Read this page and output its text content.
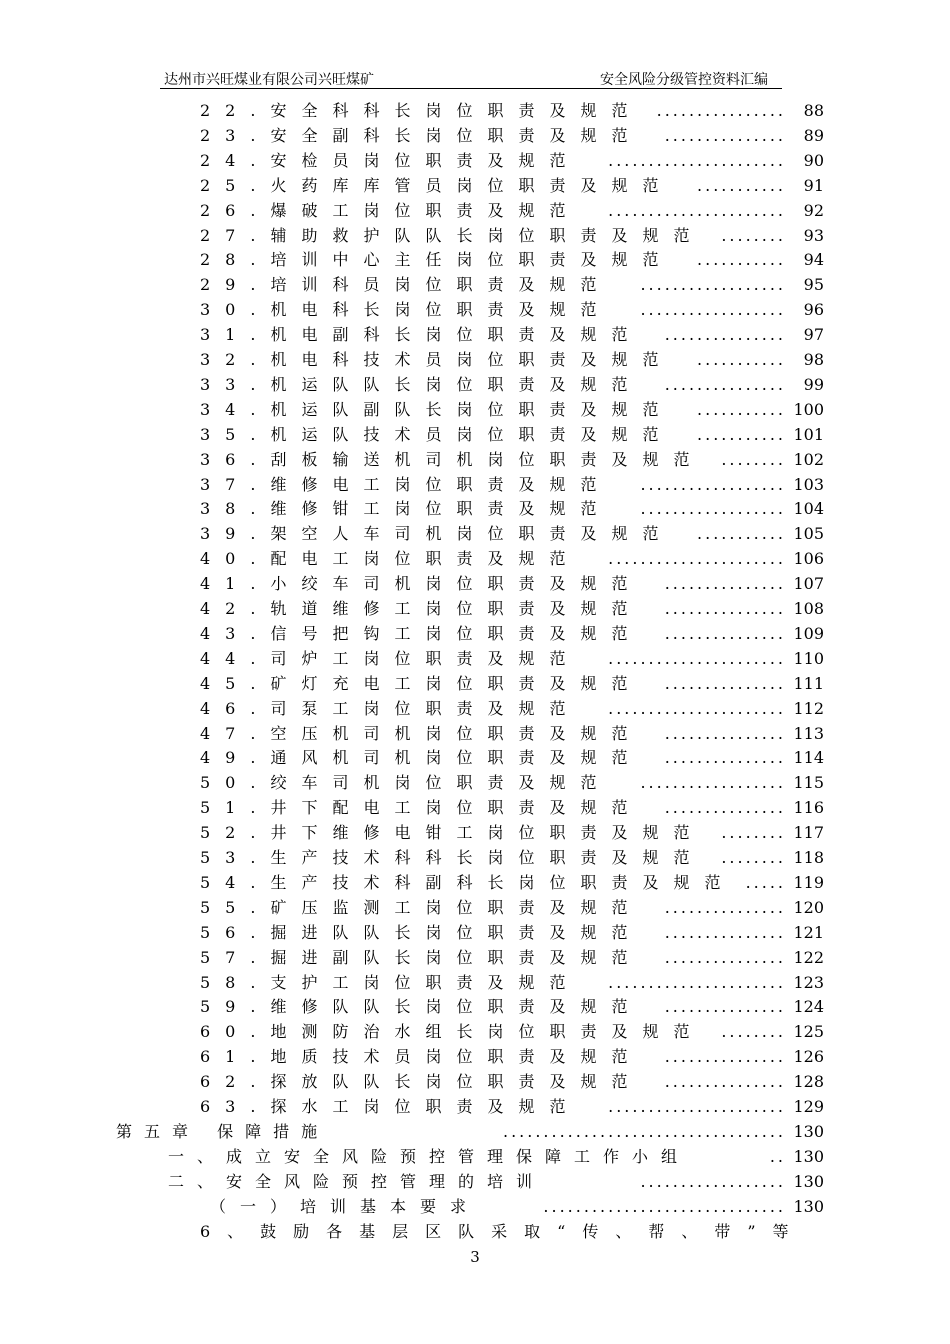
达州市兴旺煤业有限公司兴旺煤矿	安全风险分级管控资料汇编
22.安全科科长岗位职责及规范 ................ 88
23.安全副科长岗位职责及规范 ............... 89
24.安检员岗位职责及规范 ...................... 90
25.火药库库管员岗位职责及规范 ........... 91
26.爆破工岗位职责及规范 ...................... 92
27.辅助救护队队长岗位职责及规范 ........ 93
28.培训中心主任岗位职责及规范 ........... 94
29.培训科员岗位职责及规范 .................. 95
30.机电科长岗位职责及规范 .................. 96
31.机电副科长岗位职责及规范 ............... 97
32.机电科技术员岗位职责及规范 ........... 98
33.机运队队长岗位职责及规范 ............... 99
34.机运队副队长岗位职责及规范 ........... 100
35.机运队技术员岗位职责及规范 ........... 101
36.刮板输送机司机岗位职责及规范 ........ 102
37.维修电工岗位职责及规范 .................. 103
38.维修钳工岗位职责及规范 .................. 104
39.架空人车司机岗位职责及规范 ........... 105
40.配电工岗位职责及规范 ...................... 106
41.小绞车司机岗位职责及规范 ............... 107
42.轨道维修工岗位职责及规范 ............... 108
43.信号把钩工岗位职责及规范 ............... 109
44.司炉工岗位职责及规范 ...................... 110
45.矿灯充电工岗位职责及规范 ............... 111
46.司泵工岗位职责及规范 ...................... 112
47.空压机司机岗位职责及规范 ............... 113
49.通风机司机岗位职责及规范 ............... 114
50.绞车司机岗位职责及规范 .................. 115
51.井下配电工岗位职责及规范 ............... 116
52.井下维修电钳工岗位职责及规范 ........ 117
53.生产技术科科长岗位职责及规范 ........ 118
54.生产技术科副科长岗位职责及规范 ..... 119
55.矿压监测工岗位职责及规范 ............... 120
56.掘进队队长岗位职责及规范 ............... 121
57.掘进副队长岗位职责及规范 ............... 122
58.支护工岗位职责及规范 ...................... 123
59.维修队队长岗位职责及规范 ............... 124
60.地测防治水组长岗位职责及规范 ........ 125
61.地质技术员岗位职责及规范 ............... 126
62.探放队队长岗位职责及规范 ............... 128
63.探水工岗位职责及规范 ...................... 129
第五章 保障措施	................................... 130
一、成立安全风险预控管理保障工作小组	.. 130
二、安全风险预控管理的培训	.................. 130
（一）培训基本要求	.............................. 130
6、鼓励各基层区队采取“传、帮、带”等
3
